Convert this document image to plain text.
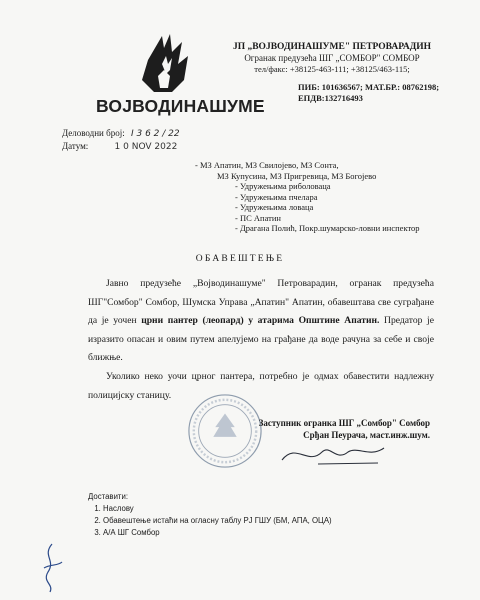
ВОЈВОДИНАШУМЕ
ЈП „ВОЈВОДИНАШУМЕ" ПЕТРОВАРАДИН
Огранак предузећа ШГ „СОМБОР" СОМБОР
тел/факс: +38125-463-111; +38125/463-115;
ПИБ: 101636567; МАТ.БР.: 08762198;
ЕПДВ:132716493
Деловодни број: I 3 6 2 / 22
Датум:	1 0 NOV 2022
- МЗ Апатин, МЗ Свилојево, МЗ Сонта,
МЗ Купусина, МЗ Пригревица, МЗ Богојево
- Удружењима риболоваца
- Удружењима пчелара
- Удружењима ловаца
- ПС Апатин
- Драгана Полић, Покр.шумарско-ловни инспектор
ОБАВЕШТЕЊЕ
Јавно предузеће „Војводинашуме" Петроварадин, огранак предузећа ШГ"Сомбор" Сомбор, Шумска Управа „Апатин" Апатин, обавештава све суграђане да је уочен црни пантер (леопард) у атарима Општине Апатин. Предатор је изразито опасан и овим путем апелујемо на грађане да воде рачуна за себе и своје ближње.
Уколико неко уочи црног пантера, потребно је одмах обавестити надлежну полицијску станицу.
Заступник огранка ШГ „Сомбор" Сомбор
Срђан Пеурача, маст.инж.шум.
Доставити:
1. Наслову
2. Обавештење истаћи на огласну таблу РЈ ГШУ (БМ, АПА, ОЦА)
3. А/А ШГ Сомбор
